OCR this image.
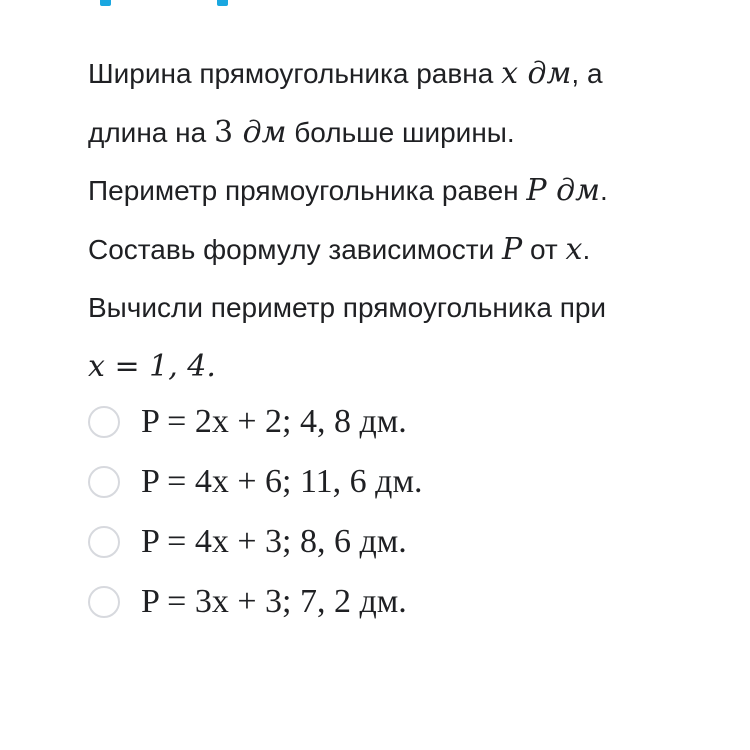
Ширина прямоугольника равна x дм, а
длина на 3 дм больше ширины.
Периметр прямоугольника равен P дм.
Составь формулу зависимости P от x.
Вычисли периметр прямоугольника при
x = 1, 4.
P = 2x + 2; 4, 8 дм.
P = 4x + 6; 11, 6 дм.
P = 4x + 3; 8, 6 дм.
P = 3x + 3; 7, 2 дм.
